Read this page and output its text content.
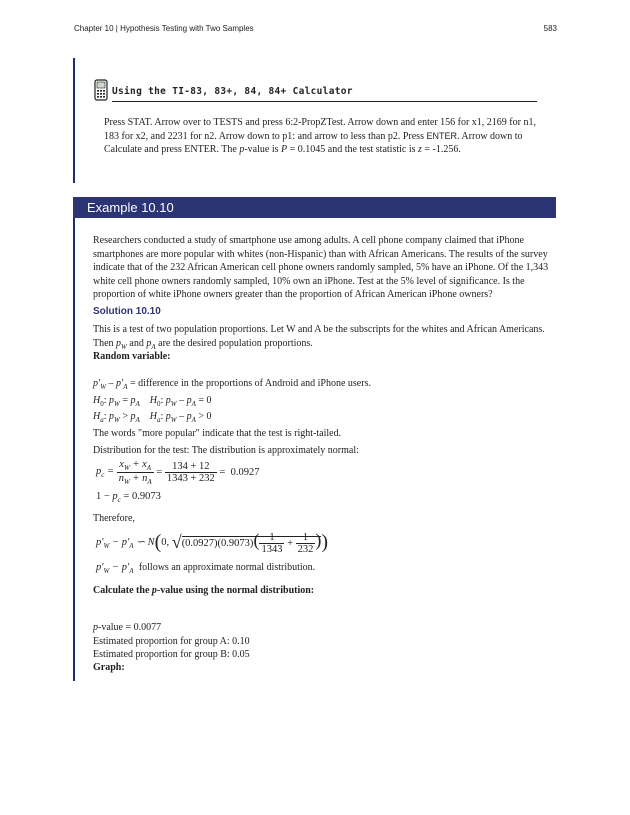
Chapter 10 | Hypothesis Testing with Two Samples	583
Using the TI-83, 83+, 84, 84+ Calculator
Press STAT. Arrow over to TESTS and press 6:2-PropZTest. Arrow down and enter 156 for x1, 2169 for n1,
183 for x2, and 2231 for n2. Arrow down to p1: and arrow to less than p2. Press ENTER. Arrow down to
Calculate and press ENTER. The p-value is P = 0.1045 and the test statistic is z = -1.256.
Example 10.10
Researchers conducted a study of smartphone use among adults. A cell phone company claimed that iPhone
smartphones are more popular with whites (non-Hispanic) than with African Americans. The results of the survey
indicate that of the 232 African American cell phone owners randomly sampled, 5% have an iPhone. Of the 1,343
white cell phone owners randomly sampled, 10% own an iPhone. Test at the 5% level of significance. Is the
proportion of white iPhone owners greater than the proportion of African American iPhone owners?
Solution 10.10
This is a test of two population proportions. Let W and A be the subscripts for the whites and African Americans.
Then $p_W$ and $p_A$ are the desired population proportions.
Random variable:
$p'_W - p'_A$ = difference in the proportions of Android and iPhone users.
$H_0$: $p_W = p_A$ $H_0$: $p_W - p_A = 0$
$H_a$: $p_W > p_A$ $H_a$: $p_W - p_A > 0$
The words "more popular" indicate that the test is right-tailed.
Distribution for the test: The distribution is approximately normal:
$p_c = \frac{x_W + x_A}{n_W + n_A} = \frac{134 + 12}{1343 + 232} = 0.0927$
$1 - p_c = 0.9073$
Therefore,
$p'_W - p'_A$ ∽ N(0, $√(0.0927)(0.9073)( \frac{1}{1343} + \frac{1}{232}$ ))
$p'_W - p'_A$ follows an approximate normal distribution.
Calculate the p-value using the normal distribution:
p-value = 0.0077
Estimated proportion for group A: 0.10
Estimated proportion for group B: 0.05
Graph:
